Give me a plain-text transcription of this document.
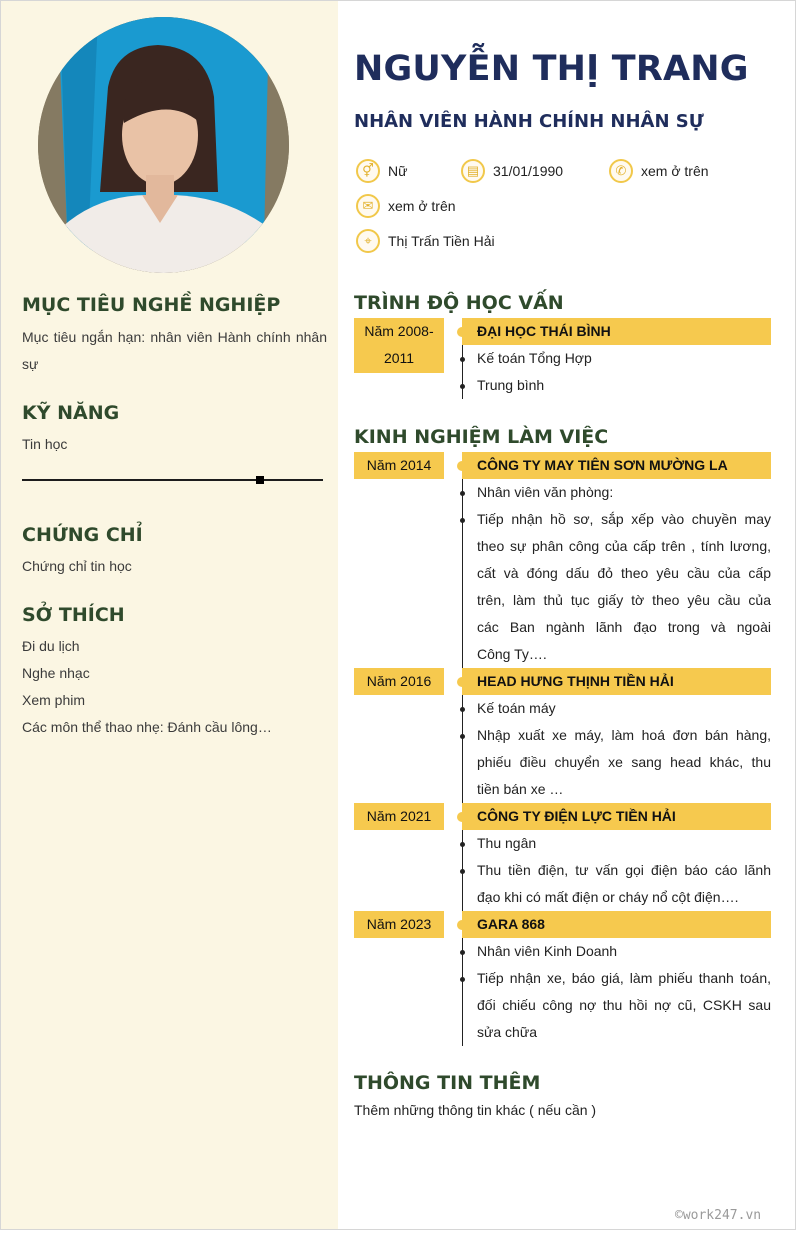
MỤC TIÊU NGHỀ NGHIỆP

Mục tiêu ngắn hạn: nhân viên Hành chính nhân sự

KỸ NĂNG

Tin học

CHỨNG CHỈ

Chứng chỉ tin học

SỞ THÍCH

Đi du lịch

Nghe nhạc

Xem phim

Các môn thể thao nhẹ: Đánh cầu lông…

NGUYỄN THỊ TRANG
NHÂN VIÊN HÀNH CHÍNH NHÂN SỰ
⚥	Nữ	▤ 31/01/1990	✆	xem ở trên
✉	xem ở trên
⌖	Thị Trấn Tiền Hải
TRÌNH ĐỘ HỌC VẤN
Năm 2008-
2011
ĐẠI HỌC THÁI BÌNH
Kế toán Tổng Hợp
Trung bình
KINH NGHIỆM LÀM VIỆC
Năm 2014	CÔNG TY MAY TIÊN SƠN MƯỜNG LA
Nhân viên văn phòng:
Tiếp nhận hồ sơ, sắp xếp vào chuyền may
theo sự phân công của cấp trên , tính lương,
cất và đóng dấu đỏ theo yêu cầu của cấp
trên, làm thủ tục giấy tờ theo yêu cầu của
các Ban ngành lãnh đạo trong và ngoài
Công Ty….
Năm 2016	HEAD HƯNG THỊNH TIỀN HẢI
Kế toán máy
Nhập xuất xe máy, làm hoá đơn bán hàng,
phiếu điều chuyển xe sang head khác, thu
tiền bán xe …
Năm 2021	CÔNG TY ĐIỆN LỰC TIỀN HẢI
Thu ngân
Thu tiền điện, tư vấn gọi điện báo cáo lãnh
đạo khi có mất điện or cháy nổ cột điện….
Năm 2023	GARA 868
Nhân viên Kinh Doanh
Tiếp nhận xe, báo giá, làm phiếu thanh toán,
đối chiếu công nợ thu hồi nợ cũ, CSKH sau
sửa chữa
THÔNG TIN THÊM
Thêm những thông tin khác ( nếu cần )
©work247.vn
